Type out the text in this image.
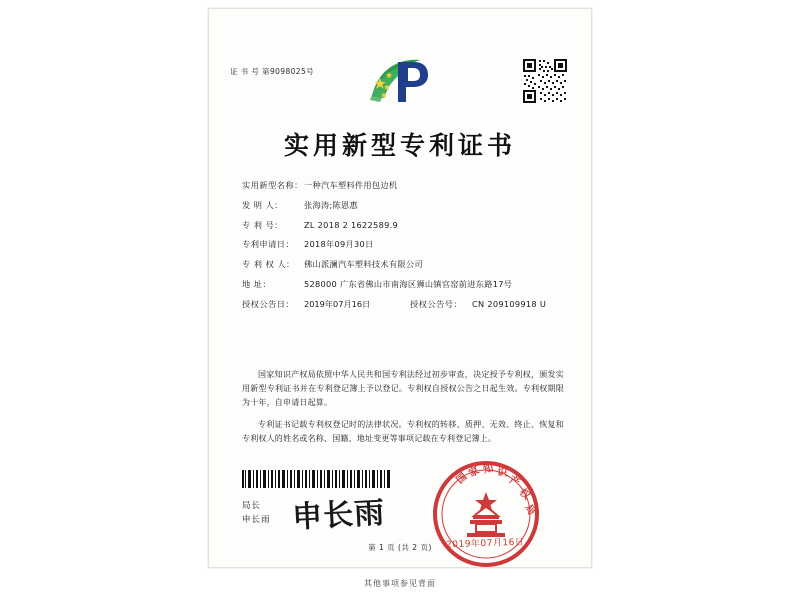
证 书 号 第9098025号
实用新型专利证书
实用新型名称： 一种汽车塑料件用包边机
发 明 人：	张海涛;陈恩惠
专 利 号：	ZL 2018 2 1622589.9
专利申请日：	2018年09月30日
专 利 权 人：	佛山派澜汽车塑料技术有限公司
地 址：	528000 广东省佛山市南海区狮山镇官窑前进东路17号
授权公告日：	2019年07月16日	授权公告号：	CN 209109918 U

国家知识产权局依照中华人民共和国专利法经过初步审查，决定授予专利权，颁发实用新型专利证书并在专利登记簿上予以登记。专利权自授权公告之日起生效。专利权期限为十年，自申请日起算。

专利证书记载专利权登记时的法律状况。专利权的转移、质押、无效、终止、恢复和专利权人的姓名或名称、国籍、地址变更等事项记载在专利登记簿上。

局长
申长雨 申长雨
国
家 知 识
产
权
局
2019年07月16日
第 1 页 (共 2 页)
其他事项参见背面
